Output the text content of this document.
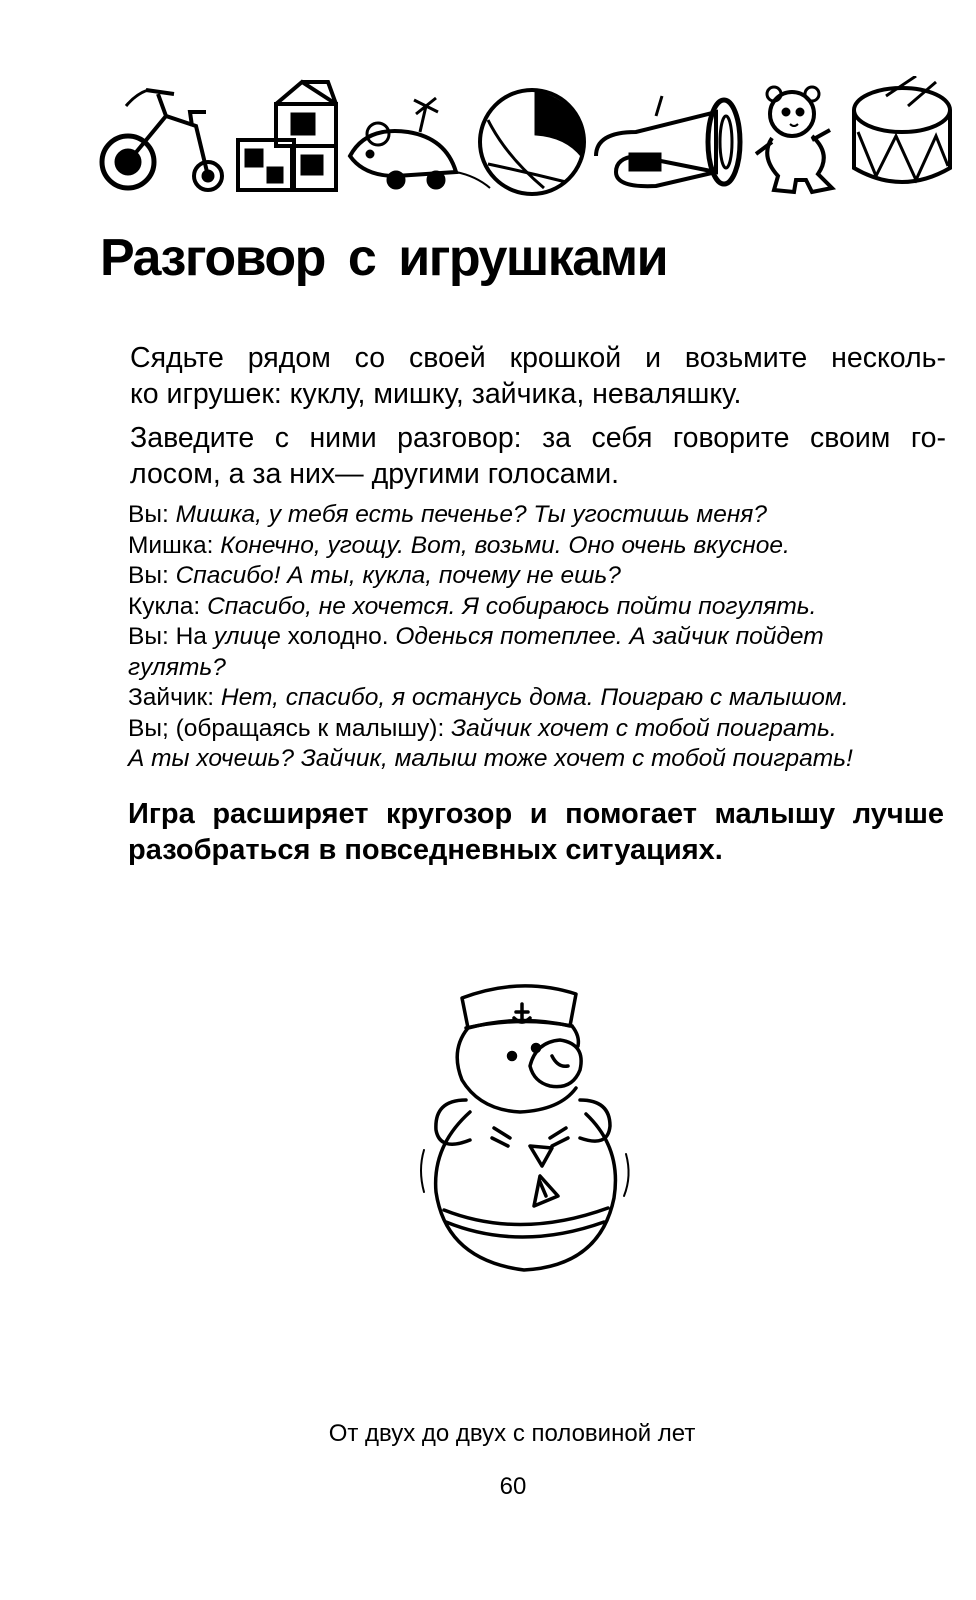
Разговор с игрушками
Сядьте рядом со своей крошкой и возьмите несколь-
ко игрушек: куклу, мишку, зайчика, неваляшку.
Заведите с ними разговор: за себя говорите своим го-
лосом, а за них— другими голосами.
Вы: Мишка, у тебя есть печенье? Ты угостишь меня?
Мишка: Конечно, угощу. Вот, возьми. Оно очень вкусное.
Вы: Спасибо! А ты, кукла, почему не ешь?
Кукла: Спасибо, не хочется. Я собираюсь пойти погулять.
Вы: На улице холодно. Оденься потеплее. А зайчик пойдет
гулять?
Зайчик: Нет, спасибо, я останусь дома. Поиграю с малышом.
Вы; (обращаясь к малышу): Зайчик хочет с тобой поиграть.
А ты хочешь? Зайчик, малыш тоже хочет с тобой поиграть!
Игра расширяет кругозор и помогает малышу лучше
разобраться в повседневных ситуациях.
От двух до двух с половиной лет
60
